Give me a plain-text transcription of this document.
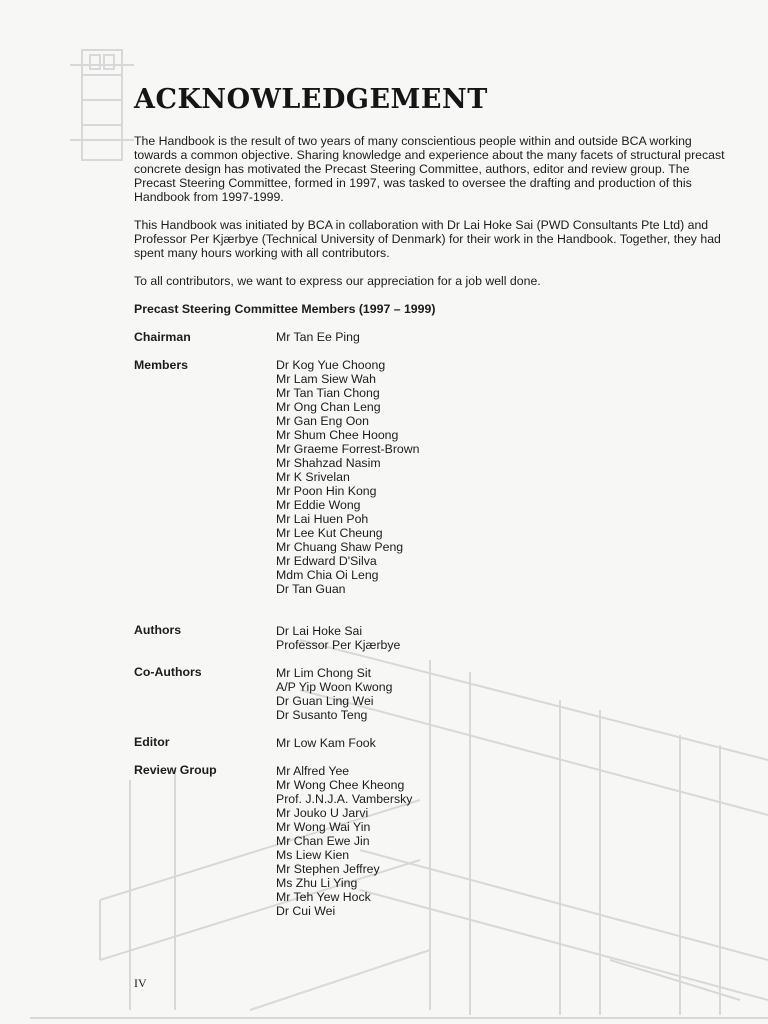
ACKNOWLEDGEMENT
The Handbook is the result of two years of many conscientious people within and outside BCA working towards a common objective. Sharing knowledge and experience about the many facets of structural precast concrete design has motivated the Precast Steering Committee, authors, editor and review group. The Precast Steering Committee, formed in 1997, was tasked to oversee the drafting and production of this Handbook from 1997-1999.
This Handbook was initiated by BCA in collaboration with Dr Lai Hoke Sai (PWD Consultants Pte Ltd) and Professor Per Kjærbye (Technical University of Denmark) for their work in the Handbook. Together, they had spent many hours working with all contributors.
To all contributors, we want to express our appreciation for a job well done.
Precast Steering Committee Members (1997 – 1999)
Chairman	Mr Tan Ee Ping
Members	Dr Kog Yue Choong
Mr Lam Siew Wah
Mr Tan Tian Chong
Mr Ong Chan Leng
Mr Gan Eng Oon
Mr Shum Chee Hoong
Mr Graeme Forrest-Brown
Mr Shahzad Nasim
Mr K Srivelan
Mr Poon Hin Kong
Mr Eddie Wong
Mr Lai Huen Poh
Mr Lee Kut Cheung
Mr Chuang Shaw Peng
Mr Edward D'Silva
Mdm Chia Oi Leng
Dr Tan Guan
Authors	Dr Lai Hoke Sai
Professor Per Kjærbye
Co-Authors	Mr Lim Chong Sit
A/P Yip Woon Kwong
Dr Guan Ling Wei
Dr Susanto Teng
Editor	Mr Low Kam Fook
Review Group	Mr Alfred Yee
Mr Wong Chee Kheong
Prof. J.N.J.A. Vambersky
Mr Jouko U Jarvi
Mr Wong Wai Yin
Mr Chan Ewe Jin
Ms Liew Kien
Mr Stephen Jeffrey
Ms Zhu Li Ying
Mr Teh Yew Hock
Dr Cui Wei
IV
